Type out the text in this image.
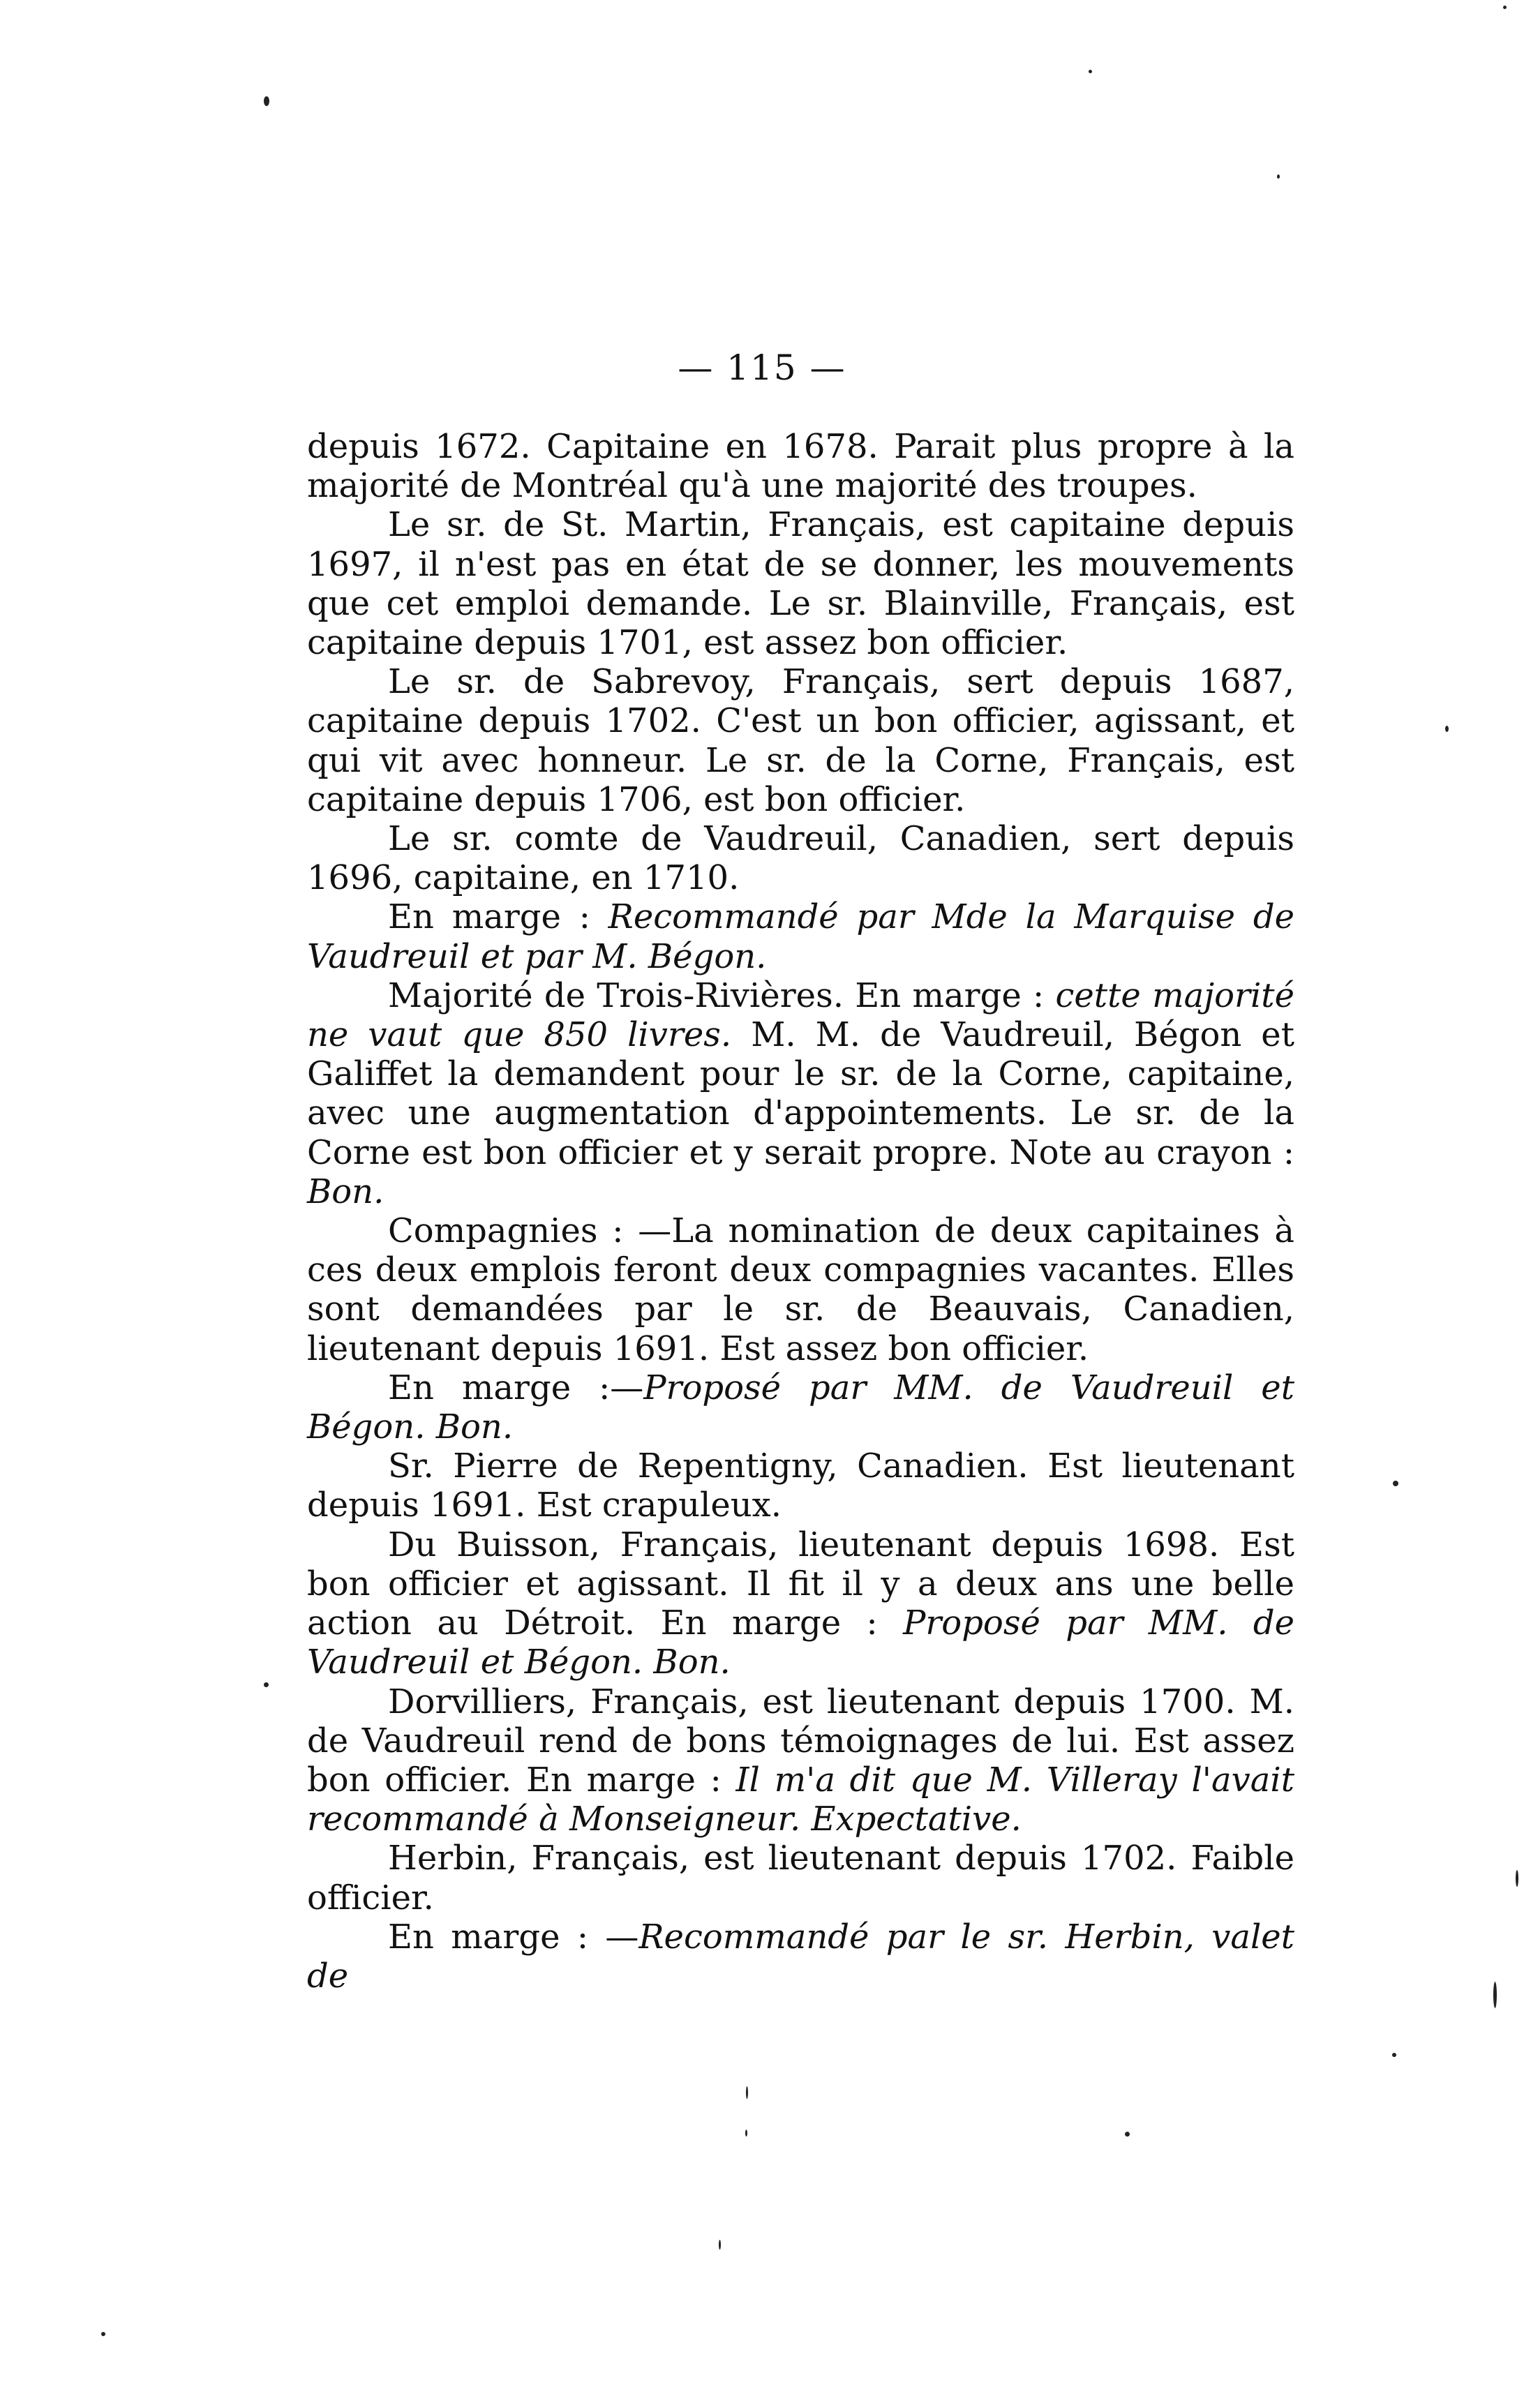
— 115 —

depuis 1672. Capitaine en 1678. Parait plus propre à la majorité de Montréal qu'à une majorité des troupes.

Le sr. de St. Martin, Français, est capitaine depuis 1697, il n'est pas en état de se donner, les mouvements que cet emploi demande. Le sr. Blainville, Français, est capitaine depuis 1701, est assez bon officier.

Le sr. de Sabrevoy, Français, sert depuis 1687, capitaine depuis 1702. C'est un bon officier, agissant, et qui vit avec honneur. Le sr. de la Corne, Français, est capitaine depuis 1706, est bon officier.

Le sr. comte de Vaudreuil, Canadien, sert depuis 1696, capitaine, en 1710.

En marge : Recommandé par Mde la Marquise de Vaudreuil et par M. Bégon.

Majorité de Trois-Rivières. En marge : cette majorité ne vaut que 850 livres. M. M. de Vaudreuil, Bégon et Galiffet la demandent pour le sr. de la Corne, capitaine, avec une augmentation d'appointements. Le sr. de la Corne est bon officier et y serait propre. Note au crayon : Bon.

Compagnies : —La nomination de deux capitaines à ces deux emplois feront deux compagnies vacantes. Elles sont demandées par le sr. de Beauvais, Canadien, lieutenant depuis 1691. Est assez bon officier.

En marge :—Proposé par MM. de Vaudreuil et Bégon. Bon.

Sr. Pierre de Repentigny, Canadien. Est lieutenant depuis 1691. Est crapuleux.

Du Buisson, Français, lieutenant depuis 1698. Est bon officier et agissant. Il fit il y a deux ans une belle action au Détroit. En marge : Proposé par MM. de Vaudreuil et Bégon. Bon.

Dorvilliers, Français, est lieutenant depuis 1700. M. de Vaudreuil rend de bons témoignages de lui. Est assez bon officier. En marge : Il m'a dit que M. Villeray l'avait recommandé à Monseigneur. Expectative.

Herbin, Français, est lieutenant depuis 1702. Faible officier.

En marge : —Recommandé par le sr. Herbin, valet de
